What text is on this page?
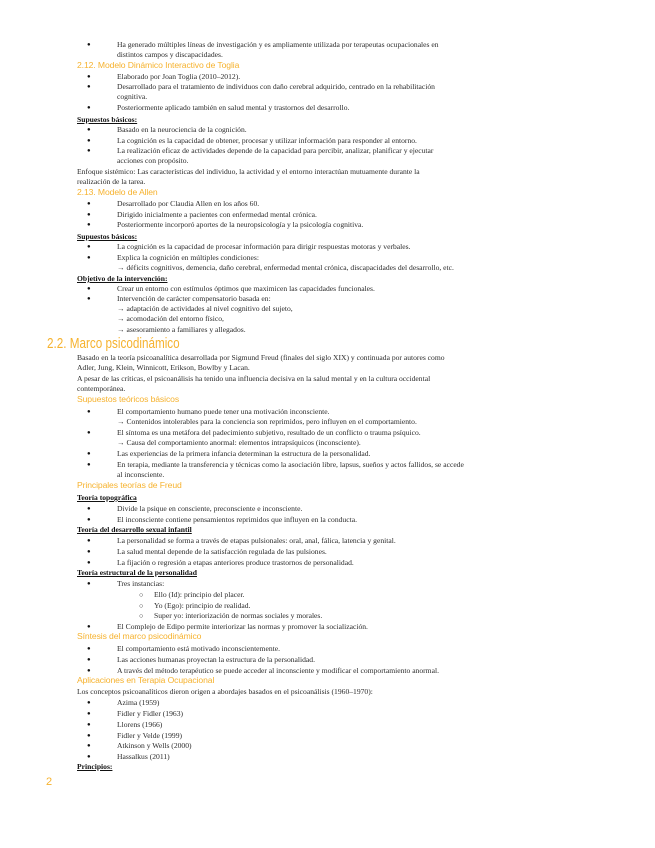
● Ha generado múltiples líneas de investigación y es ampliamente utilizada por terapeutas ocupacionales en
distintos campos y discapacidades.
2.12. Modelo Dinámico Interactivo de Toglia
● Elaborado por Joan Toglia (2010–2012).
● Desarrollado para el tratamiento de individuos con daño cerebral adquirido, centrado en la rehabilitación
cognitiva.
● Posteriormente aplicado también en salud mental y trastornos del desarrollo.
Supuestos básicos:
● Basado en la neurociencia de la cognición.
● La cognición es la capacidad de obtener, procesar y utilizar información para responder al entorno.
● La realización eficaz de actividades depende de la capacidad para percibir, analizar, planificar y ejecutar
acciones con propósito.
Enfoque sistémico: Las características del individuo, la actividad y el entorno interactúan mutuamente durante la
realización de la tarea.
2.13. Modelo de Allen
● Desarrollado por Claudia Allen en los años 60.
● Dirigido inicialmente a pacientes con enfermedad mental crónica.
● Posteriormente incorporó aportes de la neuropsicología y la psicología cognitiva.
Supuestos básicos:
● La cognición es la capacidad de procesar información para dirigir respuestas motoras y verbales.
● Explica la cognición en múltiples condiciones:
→ déficits cognitivos, demencia, daño cerebral, enfermedad mental crónica, discapacidades del desarrollo, etc.
Objetivo de la intervención:
● Crear un entorno con estímulos óptimos que maximicen las capacidades funcionales.
● Intervención de carácter compensatorio basada en:
→ adaptación de actividades al nivel cognitivo del sujeto,
→ acomodación del entorno físico,
→ asesoramiento a familiares y allegados.
2.2. Marco psicodinámico
Basado en la teoría psicoanalítica desarrollada por Sigmund Freud (finales del siglo XIX) y continuada por autores como
Adler, Jung, Klein, Winnicott, Erikson, Bowlby y Lacan.
A pesar de las críticas, el psicoanálisis ha tenido una influencia decisiva en la salud mental y en la cultura occidental
contemporánea.
Supuestos teóricos básicos
● El comportamiento humano puede tener una motivación inconsciente.
→ Contenidos intolerables para la conciencia son reprimidos, pero influyen en el comportamiento.
● El síntoma es una metáfora del padecimiento subjetivo, resultado de un conflicto o trauma psíquico.
→ Causa del comportamiento anormal: elementos intrapsíquicos (inconsciente).
● Las experiencias de la primera infancia determinan la estructura de la personalidad.
● En terapia, mediante la transferencia y técnicas como la asociación libre, lapsus, sueños y actos fallidos, se accede
al inconsciente.
Principales teorías de Freud
Teoría topográfica
● Divide la psique en consciente, preconsciente e inconsciente.
● El inconsciente contiene pensamientos reprimidos que influyen en la conducta.
Teoría del desarrollo sexual infantil
● La personalidad se forma a través de etapas pulsionales: oral, anal, fálica, latencia y genital.
● La salud mental depende de la satisfacción regulada de las pulsiones.
● La fijación o regresión a etapas anteriores produce trastornos de personalidad.
Teoría estructural de la personalidad
● Tres instancias:
○ Ello (Id): principio del placer.
○ Yo (Ego): principio de realidad.
○ Super yo: interiorización de normas sociales y morales.
● El Complejo de Edipo permite interiorizar las normas y promover la socialización.
Síntesis del marco psicodinámico
● El comportamiento está motivado inconscientemente.
● Las acciones humanas proyectan la estructura de la personalidad.
● A través del método terapéutico se puede acceder al inconsciente y modificar el comportamiento anormal.
Aplicaciones en Terapia Ocupacional
Los conceptos psicoanalíticos dieron origen a abordajes basados en el psicoanálisis (1960–1970):
● Azima (1959)
● Fidler y Fidler (1963)
● Llorens (1966)
● Fidler y Velde (1999)
● Atkinson y Wells (2000)
● Hassalkus (2011)
Principios:
2
